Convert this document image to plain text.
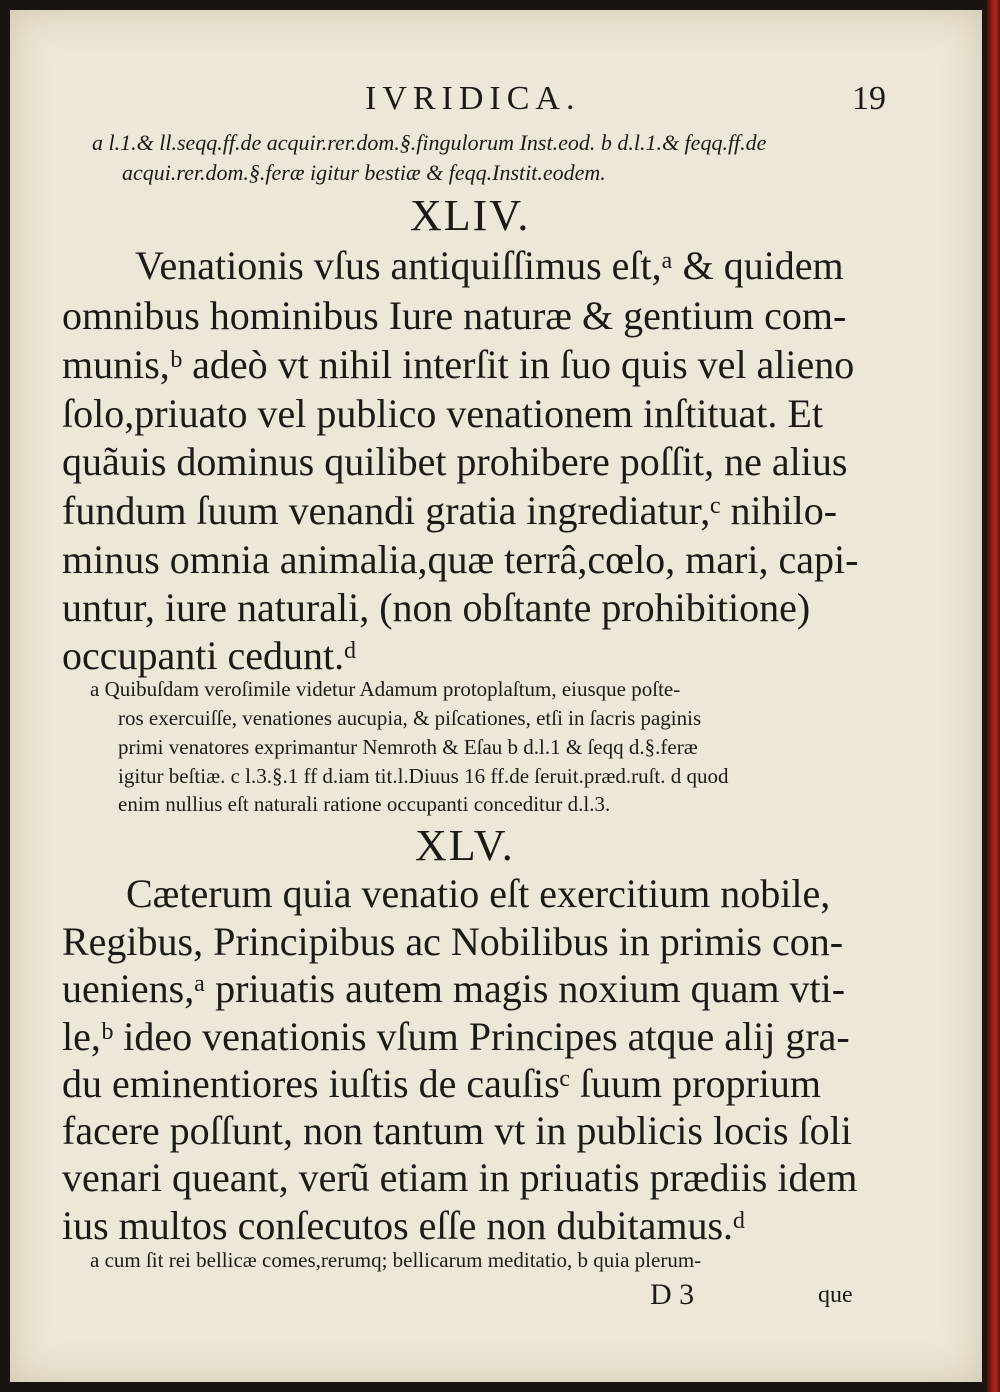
IVRIDICA.	19
a l.1.& ll.seqq.ff.de acquir.rer.dom.§.fingulorum Inst.eod. b d.l.1.& feqq.ff.de
acqui.rer.dom.§.feræ igitur bestiæ & feqq.Instit.eodem.
XLIV.
Venationis vſus antiquiſſimus eſt,ᵃ & quidem
omnibus hominibus Iure naturæ & gentium com-
munis,ᵇ adeò vt nihil interſit in ſuo quis vel alieno
ſolo,priuato vel publico venationem inſtituat. Et
quãuis dominus quilibet prohibere poſſit, ne alius
fundum ſuum venandi gratia ingrediatur,ᶜ nihilo-
minus omnia animalia,quæ terrâ,cœlo, mari, capi-
untur, iure naturali, (non obſtante prohibitione)
occupanti cedunt.ᵈ
a Quibuſdam veroſimile videtur Adamum protoplaſtum, eiusque poſte-
ros exercuiſſe, venationes aucupia, & piſcationes, etſi in ſacris paginis
primi venatores exprimantur Nemroth & Eſau b d.l.1 & ſeqq d.§.feræ
igitur beſtiæ. c l.3.§.1 ff d.iam tit.l.Diuus 16 ff.de ſeruit.præd.ruſt. d quod
enim nullius eſt naturali ratione occupanti conceditur d.l.3.
XLV.
Cæterum quia venatio eſt exercitium nobile,
Regibus, Principibus ac Nobilibus in primis con-
ueniens,ᵃ priuatis autem magis noxium quam vti-
le,ᵇ ideo venationis vſum Principes atque alij gra-
du eminentiores iuſtis de cauſisᶜ ſuum proprium
facere poſſunt, non tantum vt in publicis locis ſoli
venari queant, verũ etiam in priuatis prædiis idem
ius multos conſecutos eſſe non dubitamus.ᵈ
a cum ſit rei bellicæ comes,rerumq; bellicarum meditatio, b quia plerum-
D 3	que
